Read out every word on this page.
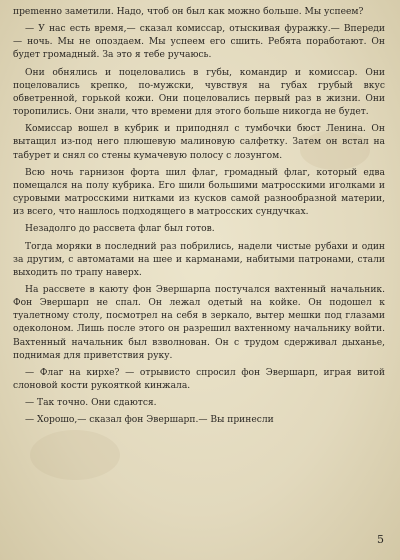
преmенно заметили. Надо, чтоб он был как можно больше. Мы успеем?

— У нас есть время,— сказал комиссар, отыскивая фуражку.— Впереди — ночь. Мы не опоздаем. Мы успеем его сшить. Ребята поработают. Он будет громадный. За это я тебе ручаюсь.

Они обнялись и поцеловались в губы, командир и комиссар. Они поцеловались крепко, по-мужски, чувствуя на губах грубый вкус обветренной, горькой кожи. Они поцеловались первый раз в жизни. Они торопились. Они знали, что времени для этого больше никогда не будет.

Комиссар вошел в кубрик и приподнял с тумбочки бюст Ленина. Он вытащил из-под него плюшевую малиновую салфетку. Затем он встал на табурет и снял со стены кумачевую полосу с лозунгом.

Всю ночь гарнизон форта шил флаг, громадный флаг, который едва помещался на полу кубрика. Его шили большими матросскими иголками и суровыми матросскими нитками из кусков самой разнообразной материи, из всего, что нашлось подходящего в матросских сундучках.

Незадолго до рассвета флаг был готов.

Тогда моряки в последний раз побрились, надели чистые рубахи и один за другим, с автоматами на шее и карманами, набитыми патронами, стали выходить по трапу наверх.

На рассвете в каюту фон Эвершарпа постучался вахтенный начальник. Фон Эвершарп не спал. Он лежал одетый на койке. Он подошел к туалетному столу, посмотрел на себя в зеркало, вытер мешки под глазами одеколоном. Лишь после этого он разрешил вахтенному начальнику войти. Вахтенный начальник был взволнован. Он с трудом сдерживал дыханье, поднимая для приветствия руку.

— Флаг на кирхе? — отрывисто спросил фон Эвершарп, играя витой слоновой кости рукояткой кинжала.

— Так точно. Они сдаются.

— Хорошо,— сказал фон Эвершарп.— Вы принесли

5
